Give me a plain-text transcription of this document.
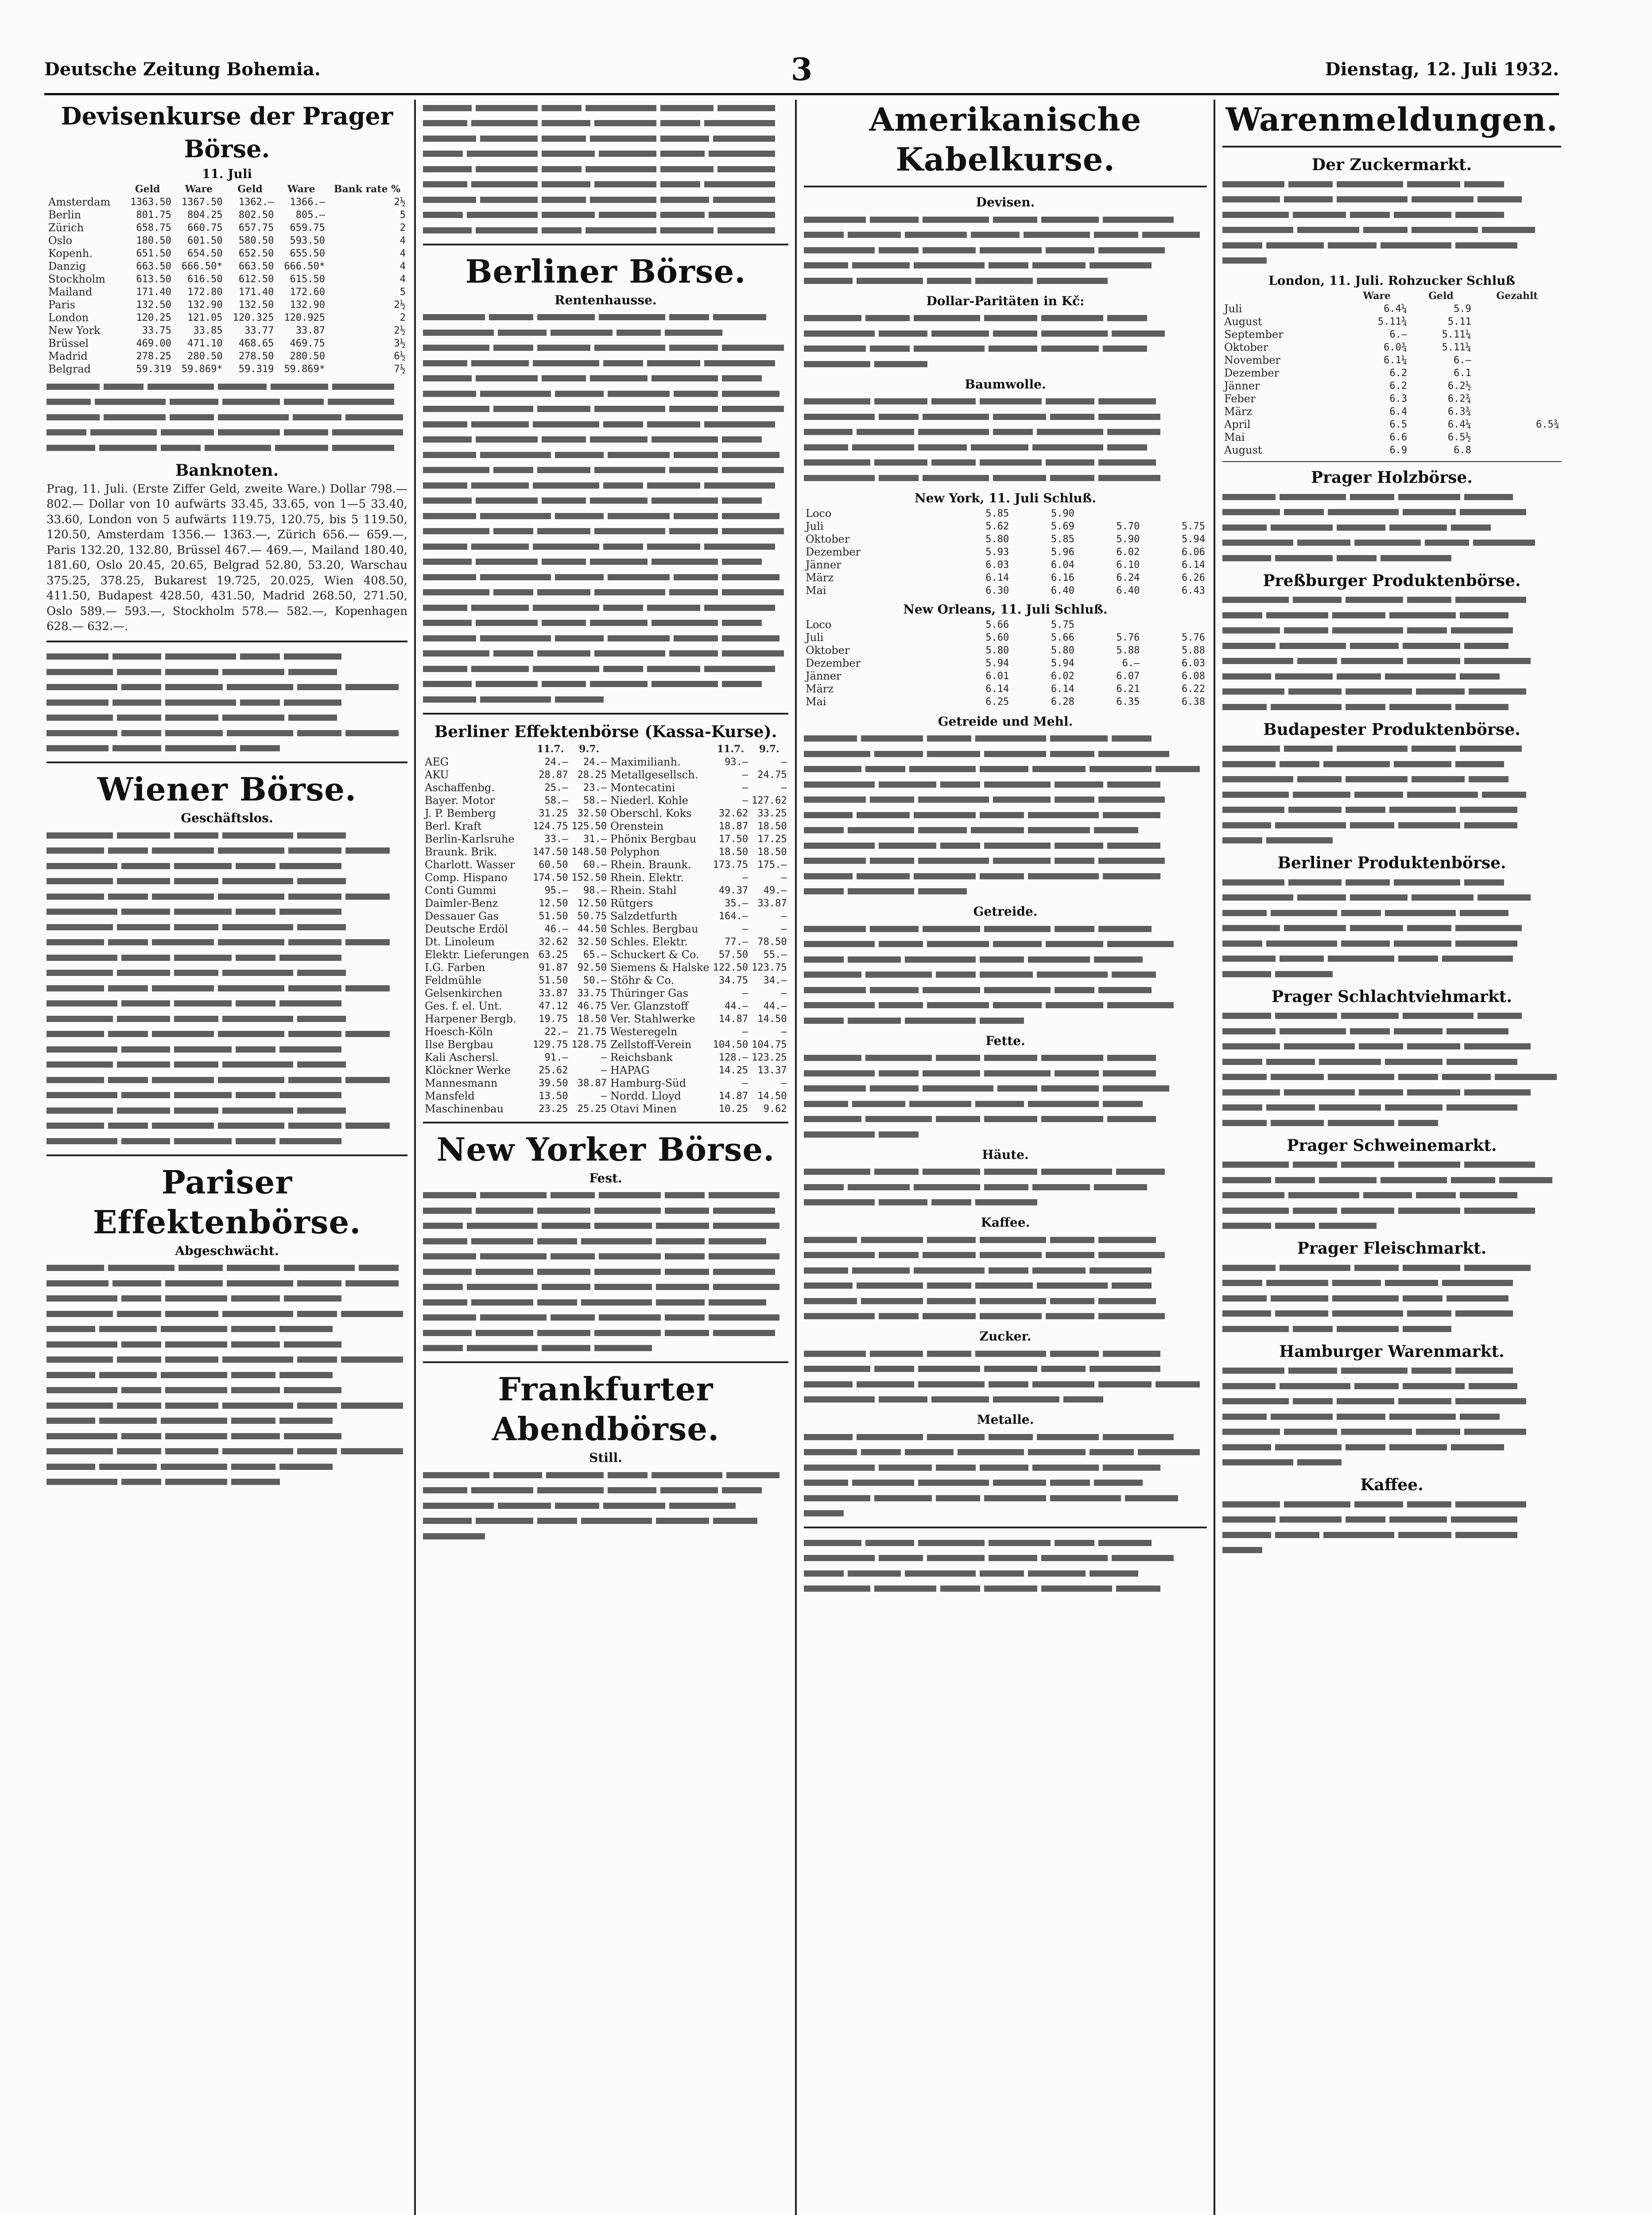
Deutsche Zeitung Bohemia.	3	Dienstag, 12. Juli 1932.
Devisenkurse der Prager Börse.
11. Juli
	Geld	Ware	Geld	Ware	Bank rate %
Amsterdam	1363.50	1367.50	1362.—	1366.—	2½
Berlin	801.75	804.25	802.50	805.—	5
Zürich	658.75	660.75	657.75	659.75	2
Oslo	180.50	601.50	580.50	593.50	4
Kopenh.	651.50	654.50	652.50	655.50	4
Danzig	663.50	666.50*	663.50	666.50*	4
Stockholm	613.50	616.50	612.50	615.50	4
Mailand	171.40	172.80	171.40	172.60	5
Paris	132.50	132.90	132.50	132.90	2½
London	120.25	121.05	120.325	120.925	2
New York	33.75	33.85	33.77	33.87	2½
Brüssel	469.00	471.10	468.65	469.75	3½
Madrid	278.25	280.50	278.50	280.50	6½
Belgrad	59.319	59.869*	59.319	59.869*	7½
Banknoten.

Prag, 11. Juli. (Erste Ziffer Geld, zweite Ware.) Dollar 798.— 802.— Dollar von 10 aufwärts 33.45, 33.65, von 1—5 33.40, 33.60, London von 5 aufwärts 119.75, 120.75, bis 5 119.50, 120.50, Amsterdam 1356.— 1363.—, Zürich 656.— 659.—, Paris 132.20, 132.80, Brüssel 467.— 469.—, Mailand 180.40, 181.60, Oslo 20.45, 20.65, Belgrad 52.80, 53.20, Warschau 375.25, 378.25, Bukarest 19.725, 20.025, Wien 408.50, 411.50, Budapest 428.50, 431.50, Madrid 268.50, 271.50, Oslo 589.— 593.—, Stockholm 578.— 582.—, Kopenhagen 628.— 632.—.

Wiener Börse.
Geschäftslos.
Pariser Effektenbörse.
Abgeschwächt.
Berliner Börse.
Rentenhausse.
Berliner Effektenbörse (Kassa-Kurse).
	11.7.	9.7.		11.7.	9.7.
AEG	24.—	24.—	Maximilianh.	93.—	—
AKU	28.87	28.25	Metallgesellsch.	—	24.75
Aschaffenbg.	25.—	23.—	Montecatini	—	—
Bayer. Motor	58.—	58.—	Niederl. Kohle	—	127.62
J. P. Bemberg	31.25	32.50	Oberschl. Koks	32.62	33.25
Berl. Kraft	124.75	125.50	Orenstein	18.87	18.50
Berlin-Karlsruhe	33.—	31.—	Phönix Bergbau	17.50	17.25
Braunk. Brik.	147.50	148.50	Polyphon	18.50	18.50
Charlott. Wasser	60.50	60.—	Rhein. Braunk.	173.75	175.—
Comp. Hispano	174.50	152.50	Rhein. Elektr.	—	—
Conti Gummi	95.—	98.—	Rhein. Stahl	49.37	49.—
Daimler-Benz	12.50	12.50	Rütgers	35.—	33.87
Dessauer Gas	51.50	50.75	Salzdetfurth	164.—	—
Deutsche Erdöl	46.—	44.50	Schles. Bergbau	—	—
Dt. Linoleum	32.62	32.50	Schles. Elektr.	77.—	78.50
Elektr. Lieferungen	63.25	65.—	Schuckert & Co.	57.50	55.—
I.G. Farben	91.87	92.50	Siemens & Halske	122.50	123.75
Feldmühle	51.50	50.—	Stöhr & Co.	34.75	34.—
Gelsenkirchen	33.87	33.75	Thüringer Gas	—	—
Ges. f. el. Unt.	47.12	46.75	Ver. Glanzstoff	44.—	44.—
Harpener Bergb.	19.75	18.50	Ver. Stahlwerke	14.87	14.50
Hoesch-Köln	22.—	21.75	Westeregeln	—	—
Ilse Bergbau	129.75	128.75	Zellstoff-Verein	104.50	104.75
Kali Aschersl.	91.—	—	Reichsbank	128.—	123.25
Klöckner Werke	25.62	—	HAPAG	14.25	13.37
Mannesmann	39.50	38.87	Hamburg-Süd	—	—
Mansfeld	13.50	—	Nordd. Lloyd	14.87	14.50
Maschinenbau	23.25	25.25	Otavi Minen	10.25	9.62
New Yorker Börse.
Fest.
Frankfurter Abendbörse.
Still.
Amerikanische Kabelkurse.
Devisen.
Dollar-Paritäten in Kč:
Baumwolle.
New York, 11. Juli Schluß.
Loco	5.85	5.90		
Juli	5.62	5.69	5.70	5.75
Oktober	5.80	5.85	5.90	5.94
Dezember	5.93	5.96	6.02	6.06
Jänner	6.03	6.04	6.10	6.14
März	6.14	6.16	6.24	6.26
Mai	6.30	6.40	6.40	6.43
New Orleans, 11. Juli Schluß.
Loco	5.66	5.75		
Juli	5.60	5.66	5.76	5.76
Oktober	5.80	5.80	5.88	5.88
Dezember	5.94	5.94	6.—	6.03
Jänner	6.01	6.02	6.07	6.08
März	6.14	6.14	6.21	6.22
Mai	6.25	6.28	6.35	6.38
Getreide und Mehl.
Getreide.
Fette.
Häute.
Kaffee.
Zucker.
Metalle.
Warenmeldungen.
Der Zuckermarkt.
London, 11. Juli. Rohzucker Schluß
	Ware	Geld	Gezahlt
Juli	6.4¼	5.9	
August	5.11¾	5.11	
September	6.—	5.11¼	
Oktober	6.0¾	5.11¼	
November	6.1¼	6.—	
Dezember	6.2	6.1	
Jänner	6.2	6.2½	
Feber	6.3	6.2¾	
März	6.4	6.3¾	
April	6.5	6.4¼	6.5¾
Mai	6.6	6.5½	
August	6.9	6.8	
Prager Holzbörse.
Preßburger Produktenbörse.
Budapester Produktenbörse.
Berliner Produktenbörse.
Prager Schlachtviehmarkt.
Prager Schweinemarkt.
Prager Fleischmarkt.
Hamburger Warenmarkt.
Kaffee.
